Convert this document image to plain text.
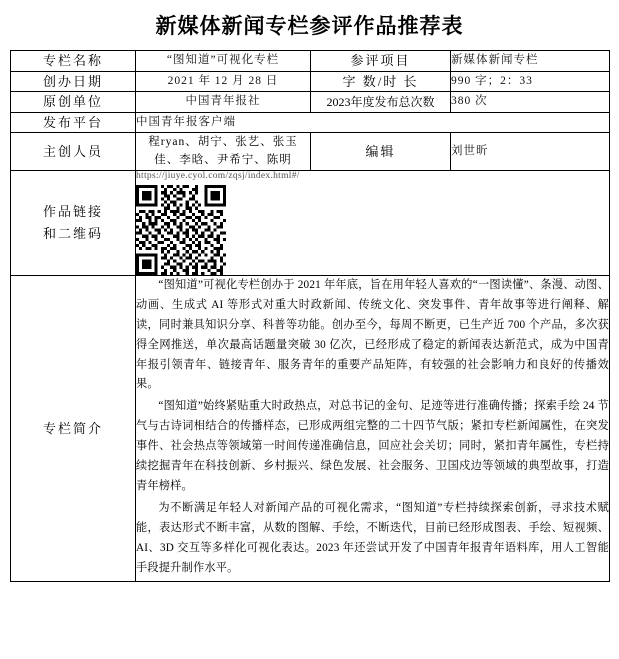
新媒体新闻专栏参评作品推荐表
专栏名称	“图知道”可视化专栏	参评项目	新媒体新闻专栏
创办日期	2021 年 12 月 28 日	字 数/时 长	990 字；2：33
原创单位	中国青年报社	2023年度发布总次数	380 次
发布平台	中国青年报客户端		
主创人员	程ryan、胡宁、张艺、张玉佳、李晗、尹希宁、陈明	编辑	刘世昕

作品链接
和二维码	https://jiuye.cyol.com/zqsj/index.html#/		

专栏简介	“图知道”可视化专栏创办于 2021 年年底，旨在用年轻人喜欢的“一图读懂”、条漫、动图、动画、生成式 AI 等形式对重大时政新闻、传统文化、突发事件、青年故事等进行阐释、解读，同时兼具知识分享、科普等功能。创办至今，每周不断更，已生产近 700 个产品，多次获得全网推送，单次最高话题量突破 30 亿次，已经形成了稳定的新闻表达新范式，成为中国青年报引领青年、链接青年、服务青年的重要产品矩阵，有较强的社会影响力和良好的传播效果。

“图知道”始终紧贴重大时政热点，对总书记的金句、足迹等进行准确传播；探索手绘 24 节气与古诗词相结合的传播样态，已形成两组完整的二十四节气版；紧扣专栏新闻属性，在突发事件、社会热点等领域第一时间传递准确信息，回应社会关切；同时，紧扣青年属性，专栏持续挖掘青年在科技创新、乡村振兴、绿色发展、社会服务、卫国戍边等领域的典型故事，打造青年榜样。

为不断满足年轻人对新闻产品的可视化需求，“图知道”专栏持续探索创新，寻求技术赋能，表达形式不断丰富，从数的图解、手绘，不断迭代，目前已经形成图表、手绘、短视频、AI、3D 交互等多样化可视化表达。2023 年还尝试开发了中国青年报青年语料库，用人工智能手段提升制作水平。		
